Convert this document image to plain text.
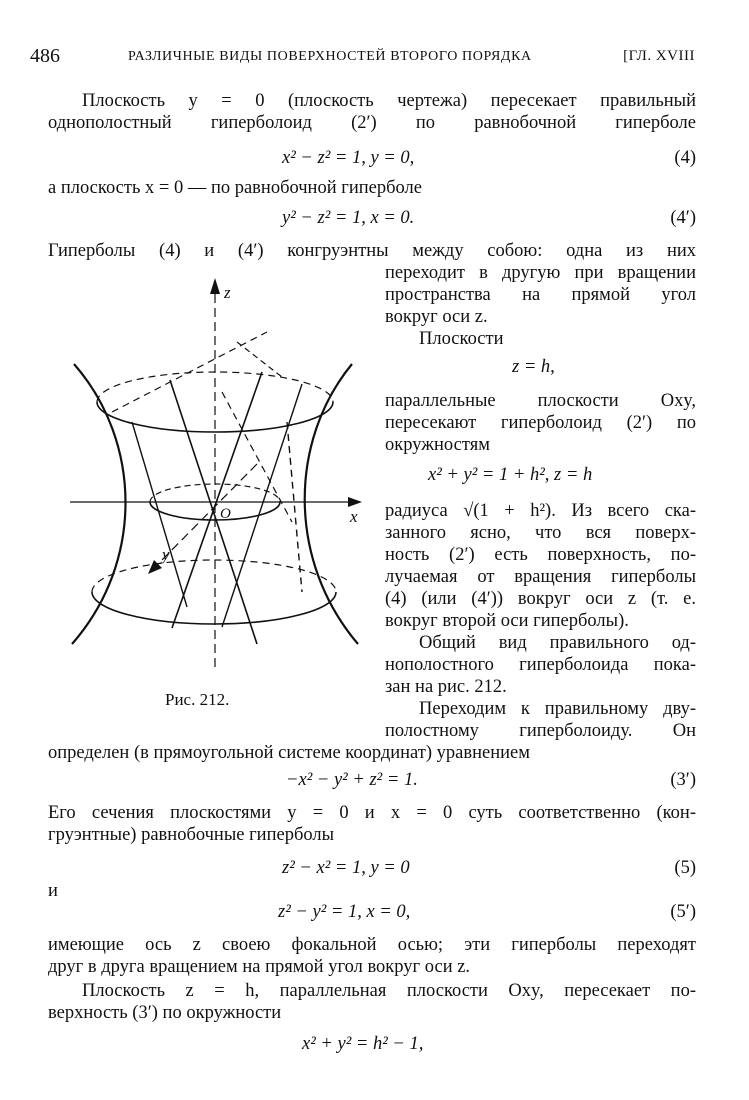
486	РАЗЛИЧНЫЕ ВИДЫ ПОВЕРХНОСТЕЙ ВТОРОГО ПОРЯДКА	[ГЛ. XVIII
Плоскость y = 0 (плоскость чертежа) пересекает правильный
однополостный гиперболоид (2′) по равнобочной гиперболе
x² − z² = 1, y = 0,	(4)
а плоскость x = 0 — по равнобочной гиперболе
y² − z² = 1, x = 0.	(4′)
Гиперболы (4) и (4′) конгруэнтны между собою: одна из них
переходит в другую при вращении
пространства на прямой угол
вокруг оси z.
Плоскости
z = h,
параллельные плоскости Oxy,
пересекают гиперболоид (2′) по
окружностям
x² + y² = 1 + h², z = h
радиуса √(1 + h²). Из всего ска-
занного ясно, что вся поверх-
ность (2′) есть поверхность, по-
лучаемая от вращения гиперболы
(4) (или (4′)) вокруг оси z (т. е.
вокруг второй оси гиперболы).
Общий вид правильного од-
нополостного гиперболоида пока-
зан на рис. 212.
Переходим к правильному дву-
полостному гиперболоиду. Он
определен (в прямоугольной системе координат) уравнением
−x² − y² + z² = 1.	(3′)
Его сечения плоскостями y = 0 и x = 0 суть соответственно (кон-
груэнтные) равнобочные гиперболы
z² − x² = 1, y = 0	(5)
и
z² − y² = 1, x = 0,	(5′)
имеющие ось z своею фокальной осью; эти гиперболы переходят
друг в друга вращением на прямой угол вокруг оси z.
Плоскость z = h, параллельная плоскости Oxy, пересекает по-
верхность (3′) по окружности
x² + y² = h² − 1,
z
x
y
O
Рис. 212.
